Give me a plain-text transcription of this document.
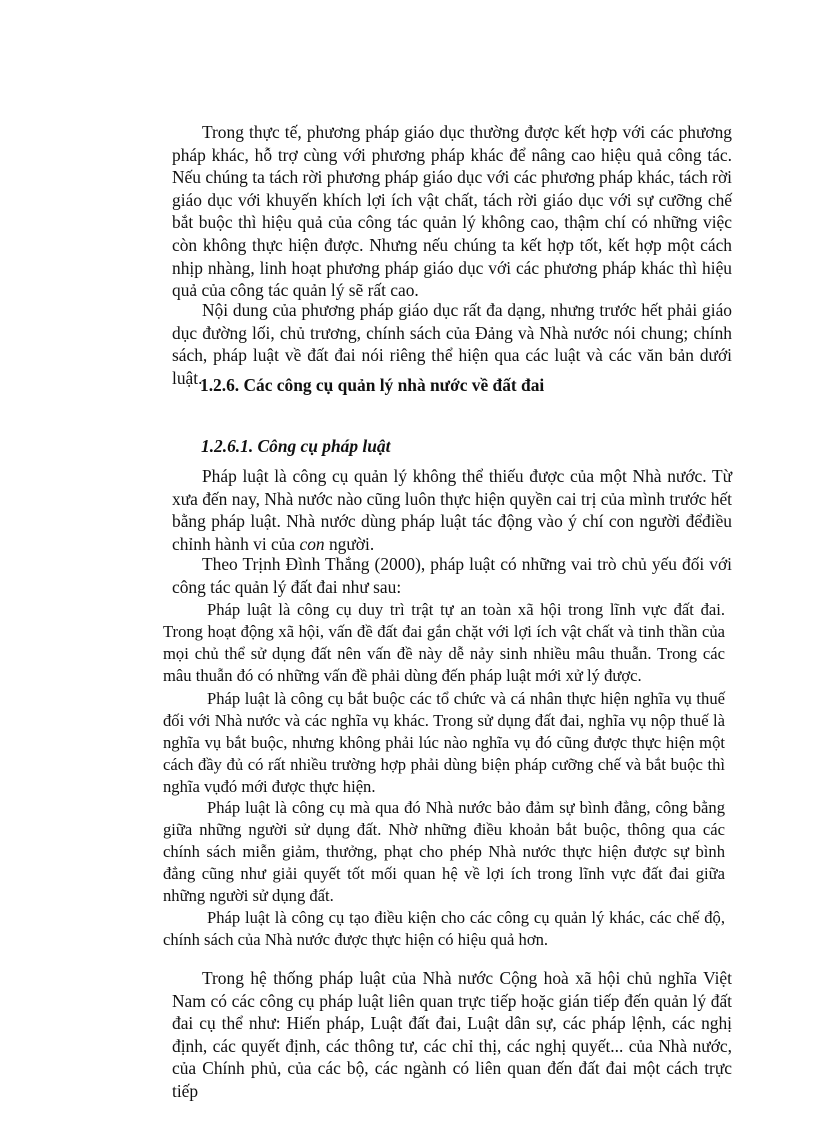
Trong thực tế, phương pháp giáo dục thường được kết hợp với các phương pháp khác, hỗ trợ cùng với phương pháp khác để nâng cao hiệu quả công tác. Nếu chúng ta tách rời phương pháp giáo dục với các phương pháp khác, tách rời giáo dục với khuyến khích lợi ích vật chất, tách rời giáo dục với sự cưỡng chế bắt buộc thì hiệu quả của công tác quản lý không cao, thậm chí có những việc còn không thực hiện được. Nhưng nếu chúng ta kết hợp tốt, kết hợp một cách nhịp nhàng, linh hoạt phương pháp giáo dục với các phương pháp khác thì hiệu quả của công tác quản lý sẽ rất cao.

Nội dung của phương pháp giáo dục rất đa dạng, nhưng trước hết phải giáo dục đường lối, chủ trương, chính sách của Đảng và Nhà nước nói chung; chính sách, pháp luật về đất đai nói riêng thể hiện qua các luật và các văn bản dưới luật.

1.2.6. Các công cụ quản lý nhà nước về đất đai
1.2.6.1. Công cụ pháp luật

Pháp luật là công cụ quản lý không thể thiếu được của một Nhà nước. Từ xưa đến nay, Nhà nước nào cũng luôn thực hiện quyền cai trị của mình trước hết bằng pháp luật. Nhà nước dùng pháp luật tác động vào ý chí con người đểđiều chỉnh hành vi của con người.

Theo Trịnh Đình Thắng (2000), pháp luật có những vai trò chủ yếu đối với công tác quản lý đất đai như sau:

Pháp luật là công cụ duy trì trật tự an toàn xã hội trong lĩnh vực đất đai. Trong hoạt động xã hội, vấn đề đất đai gắn chặt với lợi ích vật chất và tinh thần của mọi chủ thể sử dụng đất nên vấn đề này dễ nảy sinh nhiều mâu thuẫn. Trong các mâu thuẫn đó có những vấn đề phải dùng đến pháp luật mới xử lý được.

Pháp luật là công cụ bắt buộc các tổ chức và cá nhân thực hiện nghĩa vụ thuế đối với Nhà nước và các nghĩa vụ khác. Trong sử dụng đất đai, nghĩa vụ nộp thuế là nghĩa vụ bắt buộc, nhưng không phải lúc nào nghĩa vụ đó cũng được thực hiện một cách đầy đủ có rất nhiều trường hợp phải dùng biện pháp cưỡng chế và bắt buộc thì nghĩa vụđó mới được thực hiện.

Pháp luật là công cụ mà qua đó Nhà nước bảo đảm sự bình đẳng, công bằng giữa những người sử dụng đất. Nhờ những điều khoản bắt buộc, thông qua các chính sách miễn giảm, thưởng, phạt cho phép Nhà nước thực hiện được sự bình đẳng cũng như giải quyết tốt mối quan hệ về lợi ích trong lĩnh vực đất đai giữa những người sử dụng đất.

Pháp luật là công cụ tạo điều kiện cho các công cụ quản lý khác, các chế độ, chính sách của Nhà nước được thực hiện có hiệu quả hơn.

Trong hệ thống pháp luật của Nhà nước Cộng hoà xã hội chủ nghĩa Việt Nam có các công cụ pháp luật liên quan trực tiếp hoặc gián tiếp đến quản lý đất đai cụ thể như: Hiến pháp, Luật đất đai, Luật dân sự, các pháp lệnh, các nghị định, các quyết định, các thông tư, các chỉ thị, các nghị quyết... của Nhà nước, của Chính phủ, của các bộ, các ngành có liên quan đến đất đai một cách trực tiếp
